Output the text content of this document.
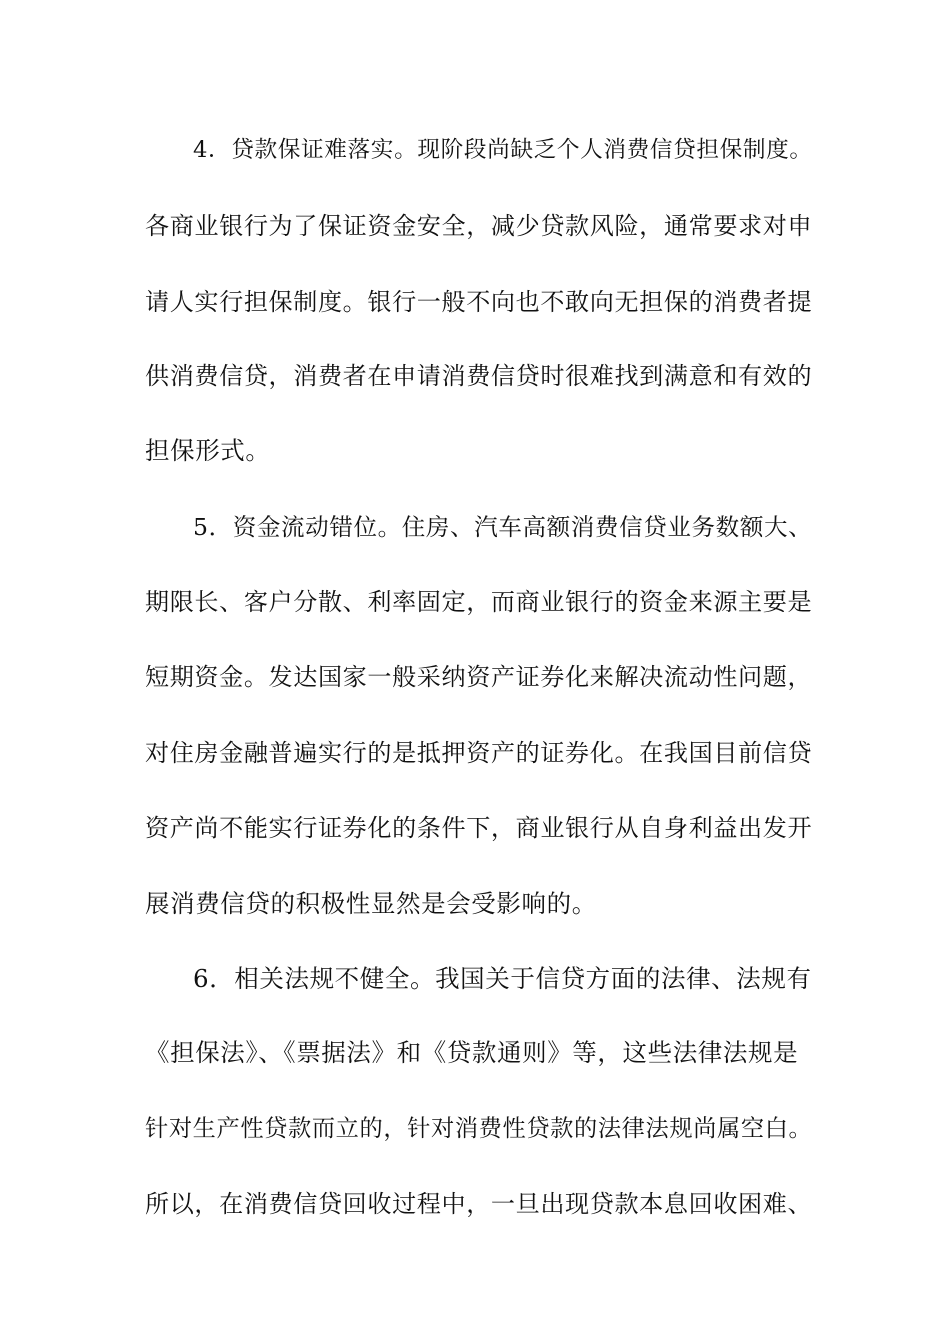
4．贷款保证难落实。现阶段尚缺乏个人消费信贷担保制度。
各商业银行为了保证资金安全，减少贷款风险，通常要求对申
请人实行担保制度。银行一般不向也不敢向无担保的消费者提
供消费信贷，消费者在申请消费信贷时很难找到满意和有效的
担保形式。
5．资金流动错位。住房、汽车高额消费信贷业务数额大、
期限长、客户分散、利率固定，而商业银行的资金来源主要是
短期资金。发达国家一般采纳资产证券化来解决流动性问题，
对住房金融普遍实行的是抵押资产的证券化。在我国目前信贷
资产尚不能实行证券化的条件下，商业银行从自身利益出发开
展消费信贷的积极性显然是会受影响的。
6．相关法规不健全。我国关于信贷方面的法律、法规有
《担保法》、《票据法》和《贷款通则》等，这些法律法规是
针对生产性贷款而立的，针对消费性贷款的法律法规尚属空白。
所以，在消费信贷回收过程中，一旦出现贷款本息回收困难、
